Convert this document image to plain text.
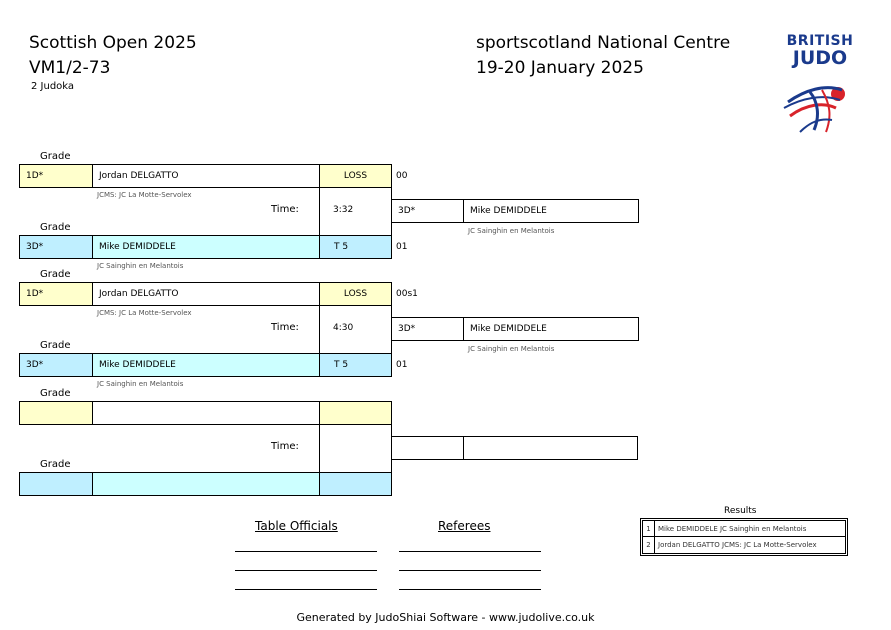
Scottish Open 2025
VM1/2-73
2 Judoka
sportscotland National Centre
19-20 January 2025
BRITISH
JUDO
Grade
1D*	Jordan DELGATTO	LOSS	00
JCMS: JC La Motte-Servolex
Time:	3:32	3D*	Mike DEMIDDELE
JC Sainghin en Melantois
Grade
3D*	Mike DEMIDDELE	T 5	01
JC Sainghin en Melantois
Grade
1D*	Jordan DELGATTO	LOSS	00s1
JCMS: JC La Motte-Servolex
Time:	4:30	3D*	Mike DEMIDDELE
JC Sainghin en Melantois
Grade
3D*	Mike DEMIDDELE	T 5	01
JC Sainghin en Melantois
Grade
Time:
Grade
Table Officials	Referees
Results
1	Mike DEMIDDELE JC Sainghin en Melantois
2	Jordan DELGATTO JCMS: JC La Motte-Servolex
Generated by JudoShiai Software - www.judolive.co.uk
